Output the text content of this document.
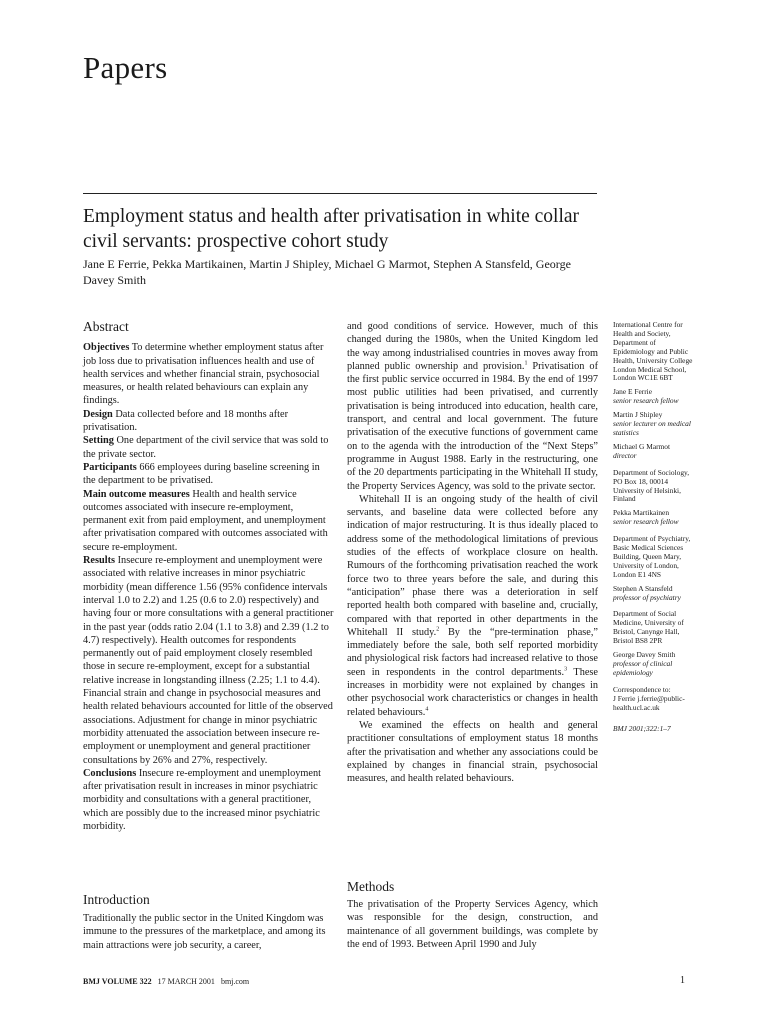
Papers
Employment status and health after privatisation in white collar civil servants: prospective cohort study
Jane E Ferrie, Pekka Martikainen, Martin J Shipley, Michael G Marmot, Stephen A Stansfeld, George Davey Smith
Abstract

Objectives To determine whether employment status after job loss due to privatisation influences health and use of health services and whether financial strain, psychosocial measures, or health related behaviours can explain any findings.

Design Data collected before and 18 months after privatisation.

Setting One department of the civil service that was sold to the private sector.

Participants 666 employees during baseline screening in the department to be privatised.

Main outcome measures Health and health service outcomes associated with insecure re-employment, permanent exit from paid employment, and unemployment after privatisation compared with outcomes associated with secure re-employment.

Results Insecure re-employment and unemployment were associated with relative increases in minor psychiatric morbidity (mean difference 1.56 (95% confidence intervals interval 1.0 to 2.2) and 1.25 (0.6 to 2.0) respectively) and having four or more consultations with a general practitioner in the past year (odds ratio 2.04 (1.1 to 3.8) and 2.39 (1.2 to 4.7) respectively). Health outcomes for respondents permanently out of paid employment closely resembled those in secure re-employment, except for a substantial relative increase in longstanding illness (2.25; 1.1 to 4.4). Financial strain and change in psychosocial measures and health related behaviours accounted for little of the observed associations. Adjustment for change in minor psychiatric morbidity attenuated the association between insecure re-employment or unemployment and general practitioner consultations by 26% and 27%, respectively.

Conclusions Insecure re-employment and unemployment after privatisation result in increases in minor psychiatric morbidity and consultations with a general practitioner, which are possibly due to the increased minor psychiatric morbidity.

Introduction
Traditionally the public sector in the United Kingdom was immune to the pressures of the marketplace, and among its main attractions were job security, a career,

and good conditions of service. However, much of this changed during the 1980s, when the United Kingdom led the way among industrialised countries in moves away from planned public ownership and provision.$^1$ Privatisation of the first public service occurred in 1984. By the end of 1997 most public utilities had been privatised, and currently privatisation is being introduced into education, health care, transport, and central and local government. The future privatisation of the executive functions of government came on to the agenda with the introduction of the “Next Steps” programme in August 1988. Early in the restructuring, one of the 20 departments participating in the Whitehall II study, the Property Services Agency, was sold to the private sector.

Whitehall II is an ongoing study of the health of civil servants, and baseline data were collected before any indication of major restructuring. It is thus ideally placed to address some of the methodological limitations of previous studies of the effects of workplace closure on health. Rumours of the forthcoming privatisation reached the work force two to three years before the sale, and during this “anticipation” phase there was a deterioration in self reported health both compared with baseline and, crucially, compared with that reported in other departments in the Whitehall II study.$^2$ By the “pre-termination phase,” immediately before the sale, both self reported morbidity and physiological risk factors had increased relative to those seen in respondents in the control departments.$^3$ These increases in morbidity were not explained by changes in other psychosocial work characteristics or changes in health related behaviours.$^4$

We examined the effects on health and general practitioner consultations of employment status 18 months after the privatisation and whether any associations could be explained by changes in financial strain, psychosocial measures, and health related behaviours.

Methods
The privatisation of the Property Services Agency, which was responsible for the design, construction, and maintenance of all government buildings, was complete by the end of 1993. Between April 1990 and July

International Centre for Health and Society, Department of Epidemiology and Public Health, University College London Medical School, London WC1E 6BT

Jane E Ferrie
senior research fellow

Martin J Shipley
senior lecturer on medical statistics

Michael G Marmot
director

Department of Sociology, PO Box 18, 00014 University of Helsinki, Finland

Pekka Martikainen
senior research fellow

Department of Psychiatry, Basic Medical Sciences Building, Queen Mary, University of London, London E1 4NS

Stephen A Stansfeld
professor of psychiatry

Department of Social Medicine, University of Bristol, Canynge Hall, Bristol BS8 2PR

George Davey Smith
professor of clinical epidemiology

Correspondence to:
J Ferrie j.ferrie@public-health.ucl.ac.uk

BMJ 2001;322:1–7

BMJ VOLUME 322 17 MARCH 2001 bmj.com	1
